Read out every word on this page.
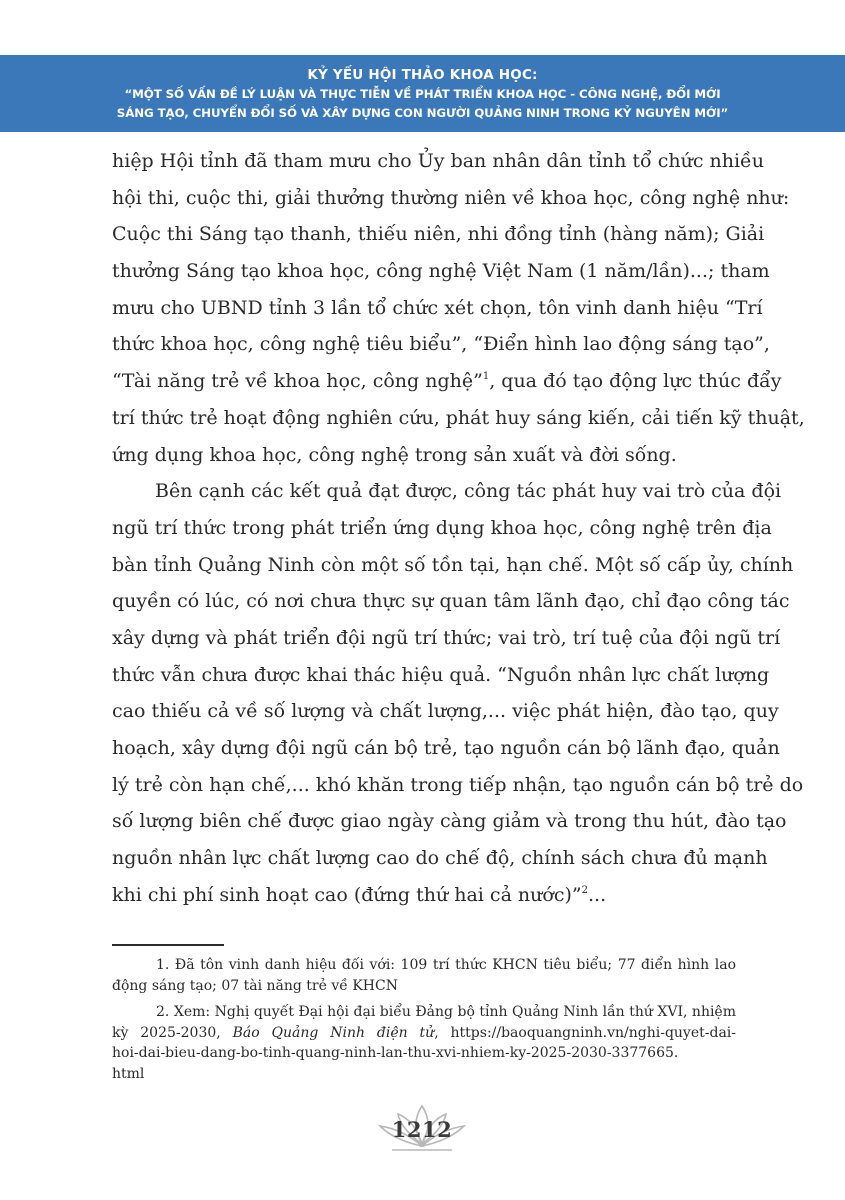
KỶ YẾU HỘI THẢO KHOA HỌC:
“MỘT SỐ VẤN ĐỀ LÝ LUẬN VÀ THỰC TIỄN VỀ PHÁT TRIỂN KHOA HỌC - CÔNG NGHỆ, ĐỔI MỚI
SÁNG TẠO, CHUYỂN ĐỔI SỐ VÀ XÂY DỰNG CON NGƯỜI QUẢNG NINH TRONG KỶ NGUYÊN MỚI”
hiệp Hội tỉnh đã tham mưu cho Ủy ban nhân dân tỉnh tổ chức nhiều
hội thi, cuộc thi, giải thưởng thường niên về khoa học, công nghệ như:
Cuộc thi Sáng tạo thanh, thiếu niên, nhi đồng tỉnh (hàng năm); Giải
thưởng Sáng tạo khoa học, công nghệ Việt Nam (1 năm/lần)...; tham
mưu cho UBND tỉnh 3 lần tổ chức xét chọn, tôn vinh danh hiệu “Trí
thức khoa học, công nghệ tiêu biểu”, “Điển hình lao động sáng tạo”,
“Tài năng trẻ về khoa học, công nghệ”$^1$, qua đó tạo động lực thúc đẩy
trí thức trẻ hoạt động nghiên cứu, phát huy sáng kiến, cải tiến kỹ thuật,
ứng dụng khoa học, công nghệ trong sản xuất và đời sống.
Bên cạnh các kết quả đạt được, công tác phát huy vai trò của đội
ngũ trí thức trong phát triển ứng dụng khoa học, công nghệ trên địa
bàn tỉnh Quảng Ninh còn một số tồn tại, hạn chế. Một số cấp ủy, chính
quyền có lúc, có nơi chưa thực sự quan tâm lãnh đạo, chỉ đạo công tác
xây dựng và phát triển đội ngũ trí thức; vai trò, trí tuệ của đội ngũ trí
thức vẫn chưa được khai thác hiệu quả. “Nguồn nhân lực chất lượng
cao thiếu cả về số lượng và chất lượng,... việc phát hiện, đào tạo, quy
hoạch, xây dựng đội ngũ cán bộ trẻ, tạo nguồn cán bộ lãnh đạo, quản
lý trẻ còn hạn chế,... khó khăn trong tiếp nhận, tạo nguồn cán bộ trẻ do
số lượng biên chế được giao ngày càng giảm và trong thu hút, đào tạo
nguồn nhân lực chất lượng cao do chế độ, chính sách chưa đủ mạnh
khi chi phí sinh hoạt cao (đứng thứ hai cả nước)”$^2$...
1. Đã tôn vinh danh hiệu đối với: 109 trí thức KHCN tiêu biểu; 77 điển hình lao
động sáng tạo; 07 tài năng trẻ về KHCN
2. Xem: Nghị quyết Đại hội đại biểu Đảng bộ tỉnh Quảng Ninh lần thứ XVI, nhiệm
kỳ 2025-2030, Báo Quảng Ninh điện tử, https://baoquangninh.vn/nghi-quyet-dai-
hoi-dai-bieu-dang-bo-tinh-quang-ninh-lan-thu-xvi-nhiem-ky-2025-2030-3377665.
html
1212
